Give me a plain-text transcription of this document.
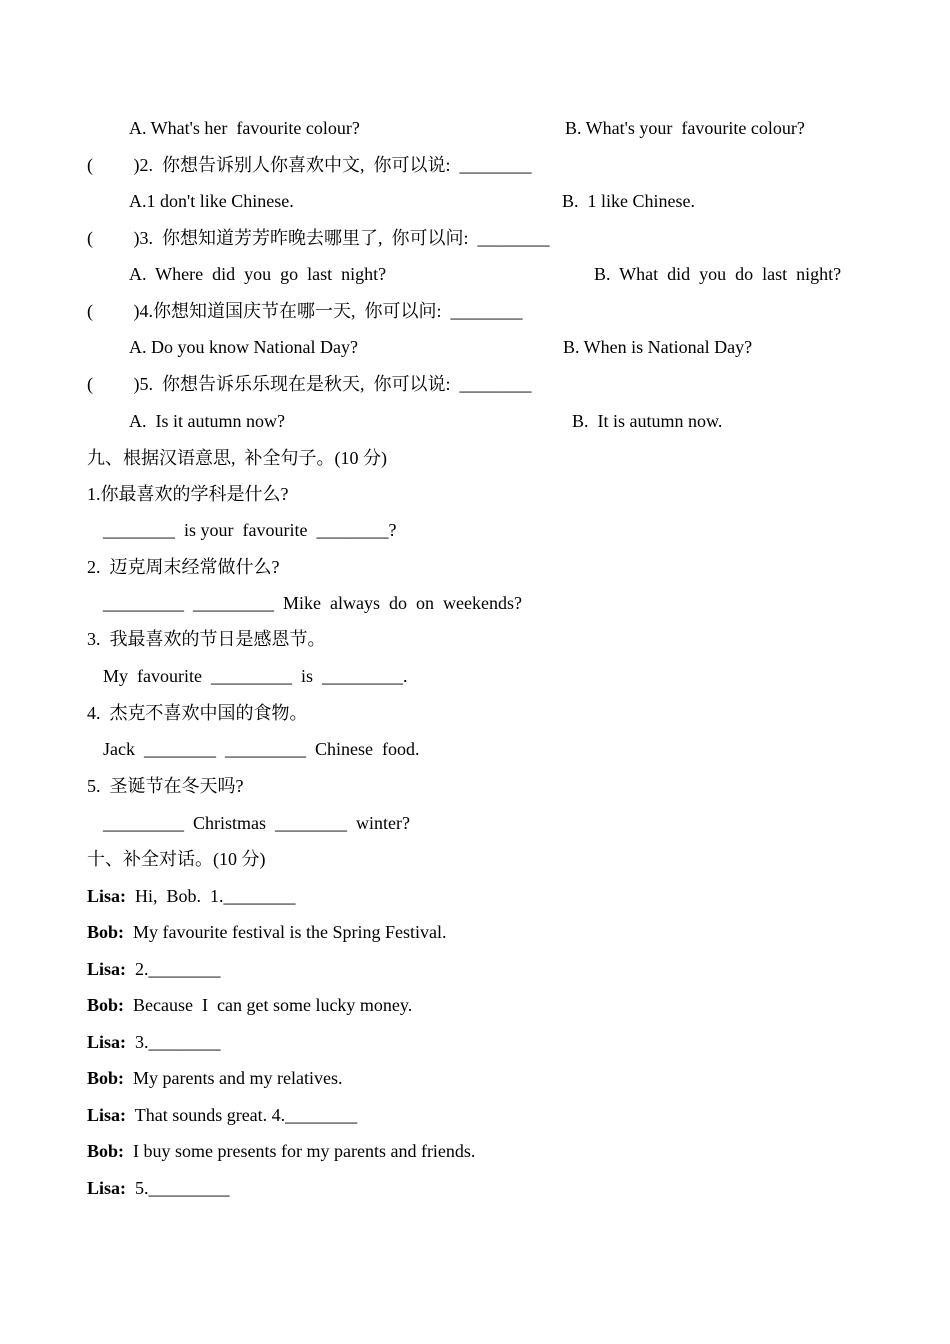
A. What's her  favourite colour?	B. What's your  favourite colour?
(         )2.  你想告诉别人你喜欢中文,  你可以说:  ________
A.1 don't like Chinese.	B.  1 like Chinese.
(         )3.  你想知道芳芳昨晚去哪里了,  你可以问:  ________
A.  Where  did  you  go  last  night?	B.  What  did  you  do  last  night?
(         )4.你想知道国庆节在哪一天,  你可以问:  ________
A. Do you know National Day?	B. When is National Day?
(         )5.  你想告诉乐乐现在是秋天,  你可以说:  ________
A.  Is it autumn now?	B.  It is autumn now.
九、根据汉语意思,  补全句子。(10 分)
1.你最喜欢的学科是什么?
________  is your  favourite  ________?
2.  迈克周末经常做什么?
_________  _________  Mike  always  do  on  weekends?
3.  我最喜欢的节日是感恩节。
My  favourite  _________  is  _________.
4.  杰克不喜欢中国的食物。
Jack  ________  _________  Chinese  food.
5.  圣诞节在冬天吗?
_________  Christmas  ________  winter?
十、补全对话。(10 分)
Lisa: Hi,  Bob.  1.________
Bob: My favourite festival is the Spring Festival.
Lisa: 2.________
Bob: Because  I  can get some lucky money.
Lisa: 3.________
Bob: My parents and my relatives.
Lisa: That sounds great. 4.________
Bob: I buy some presents for my parents and friends.
Lisa: 5._________
